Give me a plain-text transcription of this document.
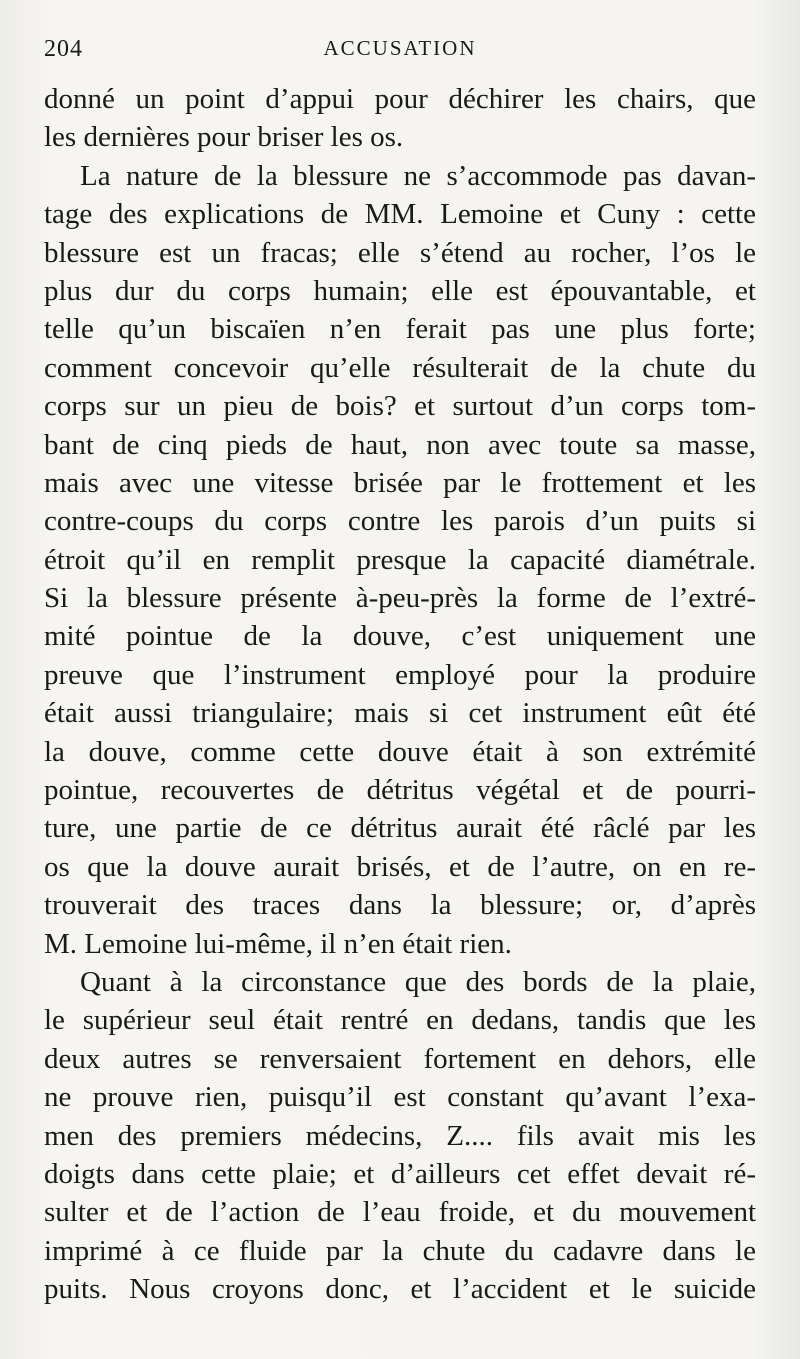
204	ACCUSATION
donné un point d’appui pour déchirer les chairs, que
les dernières pour briser les os.
La nature de la blessure ne s’accommode pas davan-
tage des explications de MM. Lemoine et Cuny : cette
blessure est un fracas; elle s’étend au rocher, l’os le
plus dur du corps humain; elle est épouvantable, et
telle qu’un biscaïen n’en ferait pas une plus forte;
comment concevoir qu’elle résulterait de la chute du
corps sur un pieu de bois? et surtout d’un corps tom-
bant de cinq pieds de haut, non avec toute sa masse,
mais avec une vitesse brisée par le frottement et les
contre-coups du corps contre les parois d’un puits si
étroit qu’il en remplit presque la capacité diamétrale.
Si la blessure présente à-peu-près la forme de l’extré-
mité pointue de la douve, c’est uniquement une
preuve que l’instrument employé pour la produire
était aussi triangulaire; mais si cet instrument eût été
la douve, comme cette douve était à son extrémité
pointue, recouvertes de détritus végétal et de pourri-
ture, une partie de ce détritus aurait été râclé par les
os que la douve aurait brisés, et de l’autre, on en re-
trouverait des traces dans la blessure; or, d’après
M. Lemoine lui-même, il n’en était rien.
Quant à la circonstance que des bords de la plaie,
le supérieur seul était rentré en dedans, tandis que les
deux autres se renversaient fortement en dehors, elle
ne prouve rien, puisqu’il est constant qu’avant l’exa-
men des premiers médecins, Z.... fils avait mis les
doigts dans cette plaie; et d’ailleurs cet effet devait ré-
sulter et de l’action de l’eau froide, et du mouvement
imprimé à ce fluide par la chute du cadavre dans le
puits. Nous croyons donc, et l’accident et le suicide
